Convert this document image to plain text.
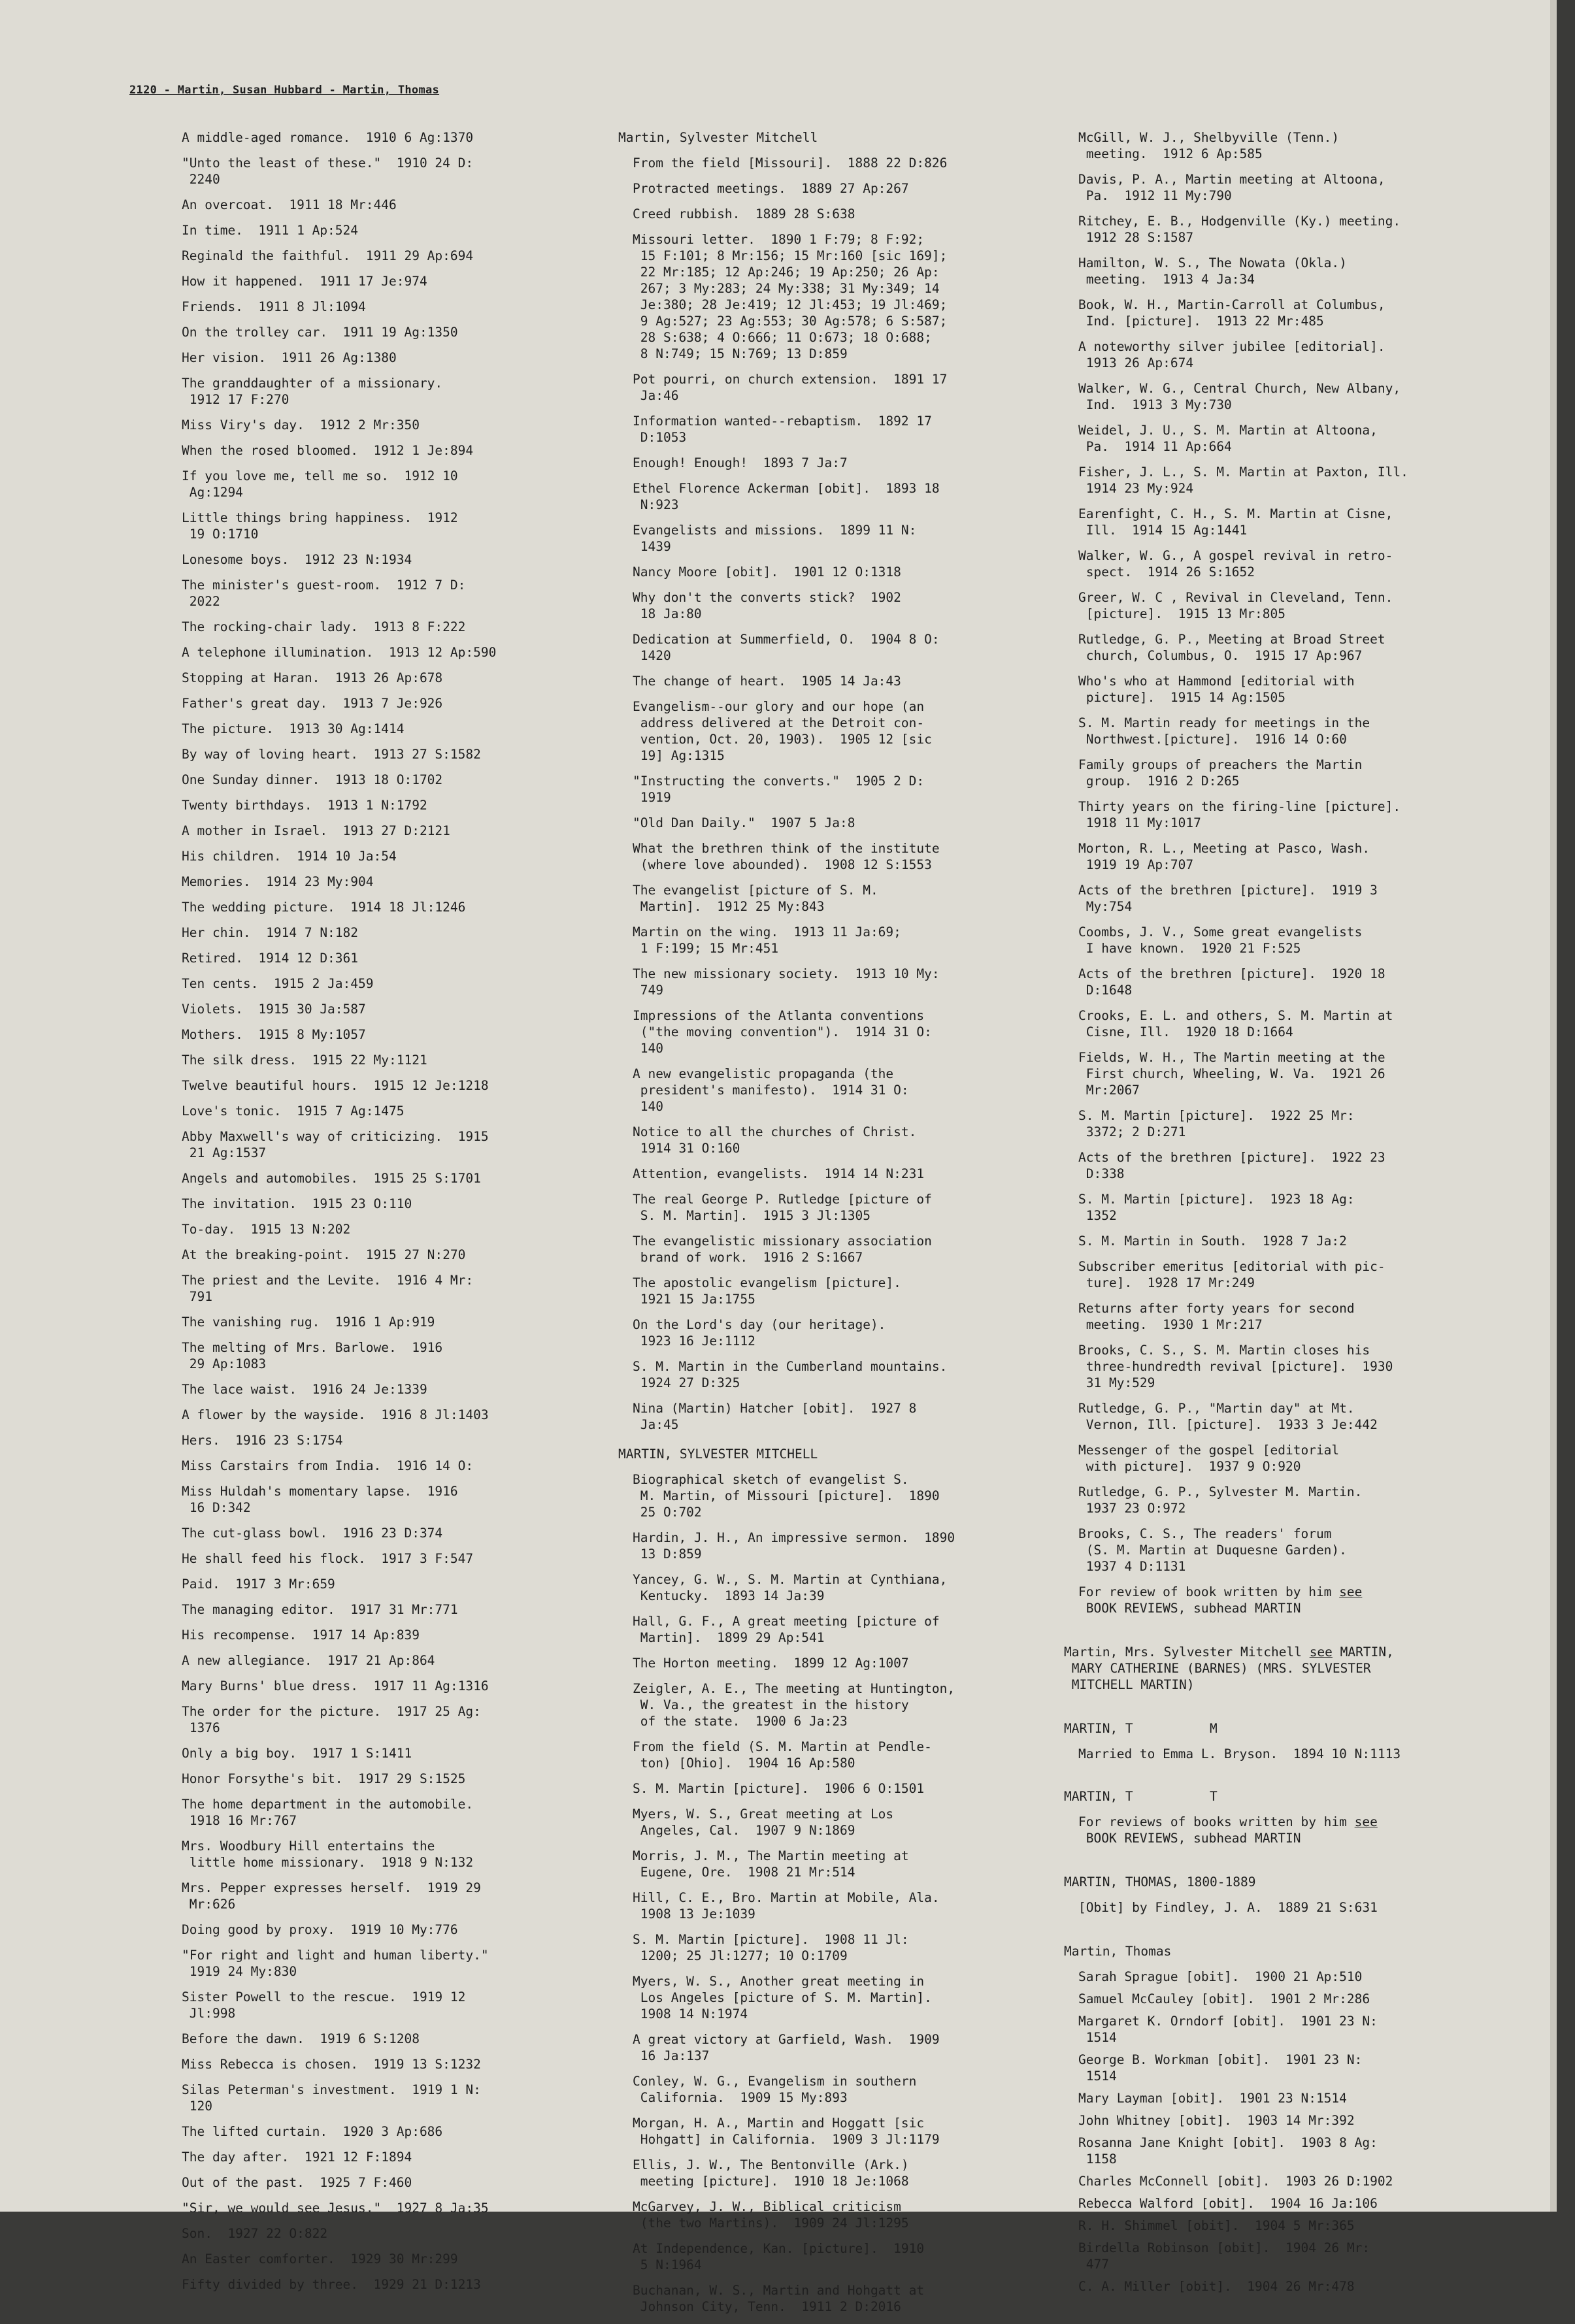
2120 - Martin, Susan Hubbard - Martin, Thomas
A middle-aged romance.  1910 6 Ag:1370
"Unto the least of these."  1910 24 D:
2240
An overcoat.  1911 18 Mr:446
In time.  1911 1 Ap:524
Reginald the faithful.  1911 29 Ap:694
How it happened.  1911 17 Je:974
Friends.  1911 8 Jl:1094
On the trolley car.  1911 19 Ag:1350
Her vision.  1911 26 Ag:1380
The granddaughter of a missionary.
1912 17 F:270
Miss Viry's day.  1912 2 Mr:350
When the rosed bloomed.  1912 1 Je:894
If you love me, tell me so.  1912 10
Ag:1294
Little things bring happiness.  1912
19 O:1710
Lonesome boys.  1912 23 N:1934
The minister's guest-room.  1912 7 D:
2022
The rocking-chair lady.  1913 8 F:222
A telephone illumination.  1913 12 Ap:590
Stopping at Haran.  1913 26 Ap:678
Father's great day.  1913 7 Je:926
The picture.  1913 30 Ag:1414
By way of loving heart.  1913 27 S:1582
One Sunday dinner.  1913 18 O:1702
Twenty birthdays.  1913 1 N:1792
A mother in Israel.  1913 27 D:2121
His children.  1914 10 Ja:54
Memories.  1914 23 My:904
The wedding picture.  1914 18 Jl:1246
Her chin.  1914 7 N:182
Retired.  1914 12 D:361
Ten cents.  1915 2 Ja:459
Violets.  1915 30 Ja:587
Mothers.  1915 8 My:1057
The silk dress.  1915 22 My:1121
Twelve beautiful hours.  1915 12 Je:1218
Love's tonic.  1915 7 Ag:1475
Abby Maxwell's way of criticizing.  1915
21 Ag:1537
Angels and automobiles.  1915 25 S:1701
The invitation.  1915 23 O:110
To-day.  1915 13 N:202
At the breaking-point.  1915 27 N:270
The priest and the Levite.  1916 4 Mr:
791
The vanishing rug.  1916 1 Ap:919
The melting of Mrs. Barlowe.  1916
29 Ap:1083
The lace waist.  1916 24 Je:1339
A flower by the wayside.  1916 8 Jl:1403
Hers.  1916 23 S:1754
Miss Carstairs from India.  1916 14 O:
Miss Huldah's momentary lapse.  1916
16 D:342
The cut-glass bowl.  1916 23 D:374
He shall feed his flock.  1917 3 F:547
Paid.  1917 3 Mr:659
The managing editor.  1917 31 Mr:771
His recompense.  1917 14 Ap:839
A new allegiance.  1917 21 Ap:864
Mary Burns' blue dress.  1917 11 Ag:1316
The order for the picture.  1917 25 Ag:
1376
Only a big boy.  1917 1 S:1411
Honor Forsythe's bit.  1917 29 S:1525
The home department in the automobile.
1918 16 Mr:767
Mrs. Woodbury Hill entertains the
little home missionary.  1918 9 N:132
Mrs. Pepper expresses herself.  1919 29
Mr:626
Doing good by proxy.  1919 10 My:776
"For right and light and human liberty."
1919 24 My:830
Sister Powell to the rescue.  1919 12
Jl:998
Before the dawn.  1919 6 S:1208
Miss Rebecca is chosen.  1919 13 S:1232
Silas Peterman's investment.  1919 1 N:
120
The lifted curtain.  1920 3 Ap:686
The day after.  1921 12 F:1894
Out of the past.  1925 7 F:460
"Sir, we would see Jesus."  1927 8 Ja:35
Son.  1927 22 O:822
An Easter comforter.  1929 30 Mr:299
Fifty divided by three.  1929 21 D:1213
Martin, Sylvester Mitchell
From the field [Missouri].  1888 22 D:826
Protracted meetings.  1889 27 Ap:267
Creed rubbish.  1889 28 S:638
Missouri letter.  1890 1 F:79; 8 F:92;
15 F:101; 8 Mr:156; 15 Mr:160 [sic 169];
22 Mr:185; 12 Ap:246; 19 Ap:250; 26 Ap:
267; 3 My:283; 24 My:338; 31 My:349; 14
Je:380; 28 Je:419; 12 Jl:453; 19 Jl:469;
9 Ag:527; 23 Ag:553; 30 Ag:578; 6 S:587;
28 S:638; 4 O:666; 11 O:673; 18 O:688;
8 N:749; 15 N:769; 13 D:859
Pot pourri, on church extension.  1891 17
Ja:46
Information wanted--rebaptism.  1892 17
D:1053
Enough! Enough!  1893 7 Ja:7
Ethel Florence Ackerman [obit].  1893 18
N:923
Evangelists and missions.  1899 11 N:
1439
Nancy Moore [obit].  1901 12 O:1318
Why don't the converts stick?  1902
18 Ja:80
Dedication at Summerfield, O.  1904 8 O:
1420
The change of heart.  1905 14 Ja:43
Evangelism--our glory and our hope (an
address delivered at the Detroit con-
vention, Oct. 20, 1903).  1905 12 [sic
19] Ag:1315
"Instructing the converts."  1905 2 D:
1919
"Old Dan Daily."  1907 5 Ja:8
What the brethren think of the institute
(where love abounded).  1908 12 S:1553
The evangelist [picture of S. M.
Martin].  1912 25 My:843
Martin on the wing.  1913 11 Ja:69;
1 F:199; 15 Mr:451
The new missionary society.  1913 10 My:
749
Impressions of the Atlanta conventions
("the moving convention").  1914 31 O:
140
A new evangelistic propaganda (the
president's manifesto).  1914 31 O:
140
Notice to all the churches of Christ.
1914 31 O:160
Attention, evangelists.  1914 14 N:231
The real George P. Rutledge [picture of
S. M. Martin].  1915 3 Jl:1305
The evangelistic missionary association
brand of work.  1916 2 S:1667
The apostolic evangelism [picture].
1921 15 Ja:1755
On the Lord's day (our heritage).
1923 16 Je:1112
S. M. Martin in the Cumberland mountains.
1924 27 D:325
Nina (Martin) Hatcher [obit].  1927 8
Ja:45
MARTIN, SYLVESTER MITCHELL
Biographical sketch of evangelist S.
M. Martin, of Missouri [picture].  1890
25 O:702
Hardin, J. H., An impressive sermon.  1890
13 D:859
Yancey, G. W., S. M. Martin at Cynthiana,
Kentucky.  1893 14 Ja:39
Hall, G. F., A great meeting [picture of
Martin].  1899 29 Ap:541
The Horton meeting.  1899 12 Ag:1007
Zeigler, A. E., The meeting at Huntington,
W. Va., the greatest in the history
of the state.  1900 6 Ja:23
From the field (S. M. Martin at Pendle-
ton) [Ohio].  1904 16 Ap:580
S. M. Martin [picture].  1906 6 O:1501
Myers, W. S., Great meeting at Los
Angeles, Cal.  1907 9 N:1869
Morris, J. M., The Martin meeting at
Eugene, Ore.  1908 21 Mr:514
Hill, C. E., Bro. Martin at Mobile, Ala.
1908 13 Je:1039
S. M. Martin [picture].  1908 11 Jl:
1200; 25 Jl:1277; 10 O:1709
Myers, W. S., Another great meeting in
Los Angeles [picture of S. M. Martin].
1908 14 N:1974
A great victory at Garfield, Wash.  1909
16 Ja:137
Conley, W. G., Evangelism in southern
California.  1909 15 My:893
Morgan, H. A., Martin and Hoggatt [sic
Hohgatt] in California.  1909 3 Jl:1179
Ellis, J. W., The Bentonville (Ark.)
meeting [picture].  1910 18 Je:1068
McGarvey, J. W., Biblical criticism
(the two Martins).  1909 24 Jl:1295
At Independence, Kan. [picture].  1910
5 N:1964
Buchanan, W. S., Martin and Hohgatt at
Johnson City, Tenn.  1911 2 D:2016
McGill, W. J., Shelbyville (Tenn.)
meeting.  1912 6 Ap:585
Davis, P. A., Martin meeting at Altoona,
Pa.  1912 11 My:790
Ritchey, E. B., Hodgenville (Ky.) meeting.
1912 28 S:1587
Hamilton, W. S., The Nowata (Okla.)
meeting.  1913 4 Ja:34
Book, W. H., Martin-Carroll at Columbus,
Ind. [picture].  1913 22 Mr:485
A noteworthy silver jubilee [editorial].
1913 26 Ap:674
Walker, W. G., Central Church, New Albany,
Ind.  1913 3 My:730
Weidel, J. U., S. M. Martin at Altoona,
Pa.  1914 11 Ap:664
Fisher, J. L., S. M. Martin at Paxton, Ill.
1914 23 My:924
Earenfight, C. H., S. M. Martin at Cisne,
Ill.  1914 15 Ag:1441
Walker, W. G., A gospel revival in retro-
spect.  1914 26 S:1652
Greer, W. C , Revival in Cleveland, Tenn.
[picture].  1915 13 Mr:805
Rutledge, G. P., Meeting at Broad Street
church, Columbus, O.  1915 17 Ap:967
Who's who at Hammond [editorial with
picture].  1915 14 Ag:1505
S. M. Martin ready for meetings in the
Northwest.[picture].  1916 14 O:60
Family groups of preachers the Martin
group.  1916 2 D:265
Thirty years on the firing-line [picture].
1918 11 My:1017
Morton, R. L., Meeting at Pasco, Wash.
1919 19 Ap:707
Acts of the brethren [picture].  1919 3
My:754
Coombs, J. V., Some great evangelists
I have known.  1920 21 F:525
Acts of the brethren [picture].  1920 18
D:1648
Crooks, E. L. and others, S. M. Martin at
Cisne, Ill.  1920 18 D:1664
Fields, W. H., The Martin meeting at the
First church, Wheeling, W. Va.  1921 26
Mr:2067
S. M. Martin [picture].  1922 25 Mr:
3372; 2 D:271
Acts of the brethren [picture].  1922 23
D:338
S. M. Martin [picture].  1923 18 Ag:
1352
S. M. Martin in South.  1928 7 Ja:2
Subscriber emeritus [editorial with pic-
ture].  1928 17 Mr:249
Returns after forty years for second
meeting.  1930 1 Mr:217
Brooks, C. S., S. M. Martin closes his
three-hundredth revival [picture].  1930
31 My:529
Rutledge, G. P., "Martin day" at Mt.
Vernon, Ill. [picture].  1933 3 Je:442
Messenger of the gospel [editorial
with picture].  1937 9 O:920
Rutledge, G. P., Sylvester M. Martin.
1937 23 O:972
Brooks, C. S., The readers' forum
(S. M. Martin at Duquesne Garden).
1937 4 D:1131
For review of book written by him see
BOOK REVIEWS, subhead MARTIN
Martin, Mrs. Sylvester Mitchell see MARTIN,
MARY CATHERINE (BARNES) (MRS. SYLVESTER
MITCHELL MARTIN)
MARTIN, T          M
Married to Emma L. Bryson.  1894 10 N:1113
MARTIN, T          T
For reviews of books written by him see
BOOK REVIEWS, subhead MARTIN
MARTIN, THOMAS, 1800-1889
[Obit] by Findley, J. A.  1889 21 S:631
Martin, Thomas
Sarah Sprague [obit].  1900 21 Ap:510
Samuel McCauley [obit].  1901 2 Mr:286
Margaret K. Orndorf [obit].  1901 23 N:
1514
George B. Workman [obit].  1901 23 N:
1514
Mary Layman [obit].  1901 23 N:1514
John Whitney [obit].  1903 14 Mr:392
Rosanna Jane Knight [obit].  1903 8 Ag:
1158
Charles McConnell [obit].  1903 26 D:1902
Rebecca Walford [obit].  1904 16 Ja:106
R. H. Shimmel [obit].  1904 5 Mr:365
Birdella Robinson [obit].  1904 26 Mr:
477
C. A. Miller [obit].  1904 26 Mr:478
